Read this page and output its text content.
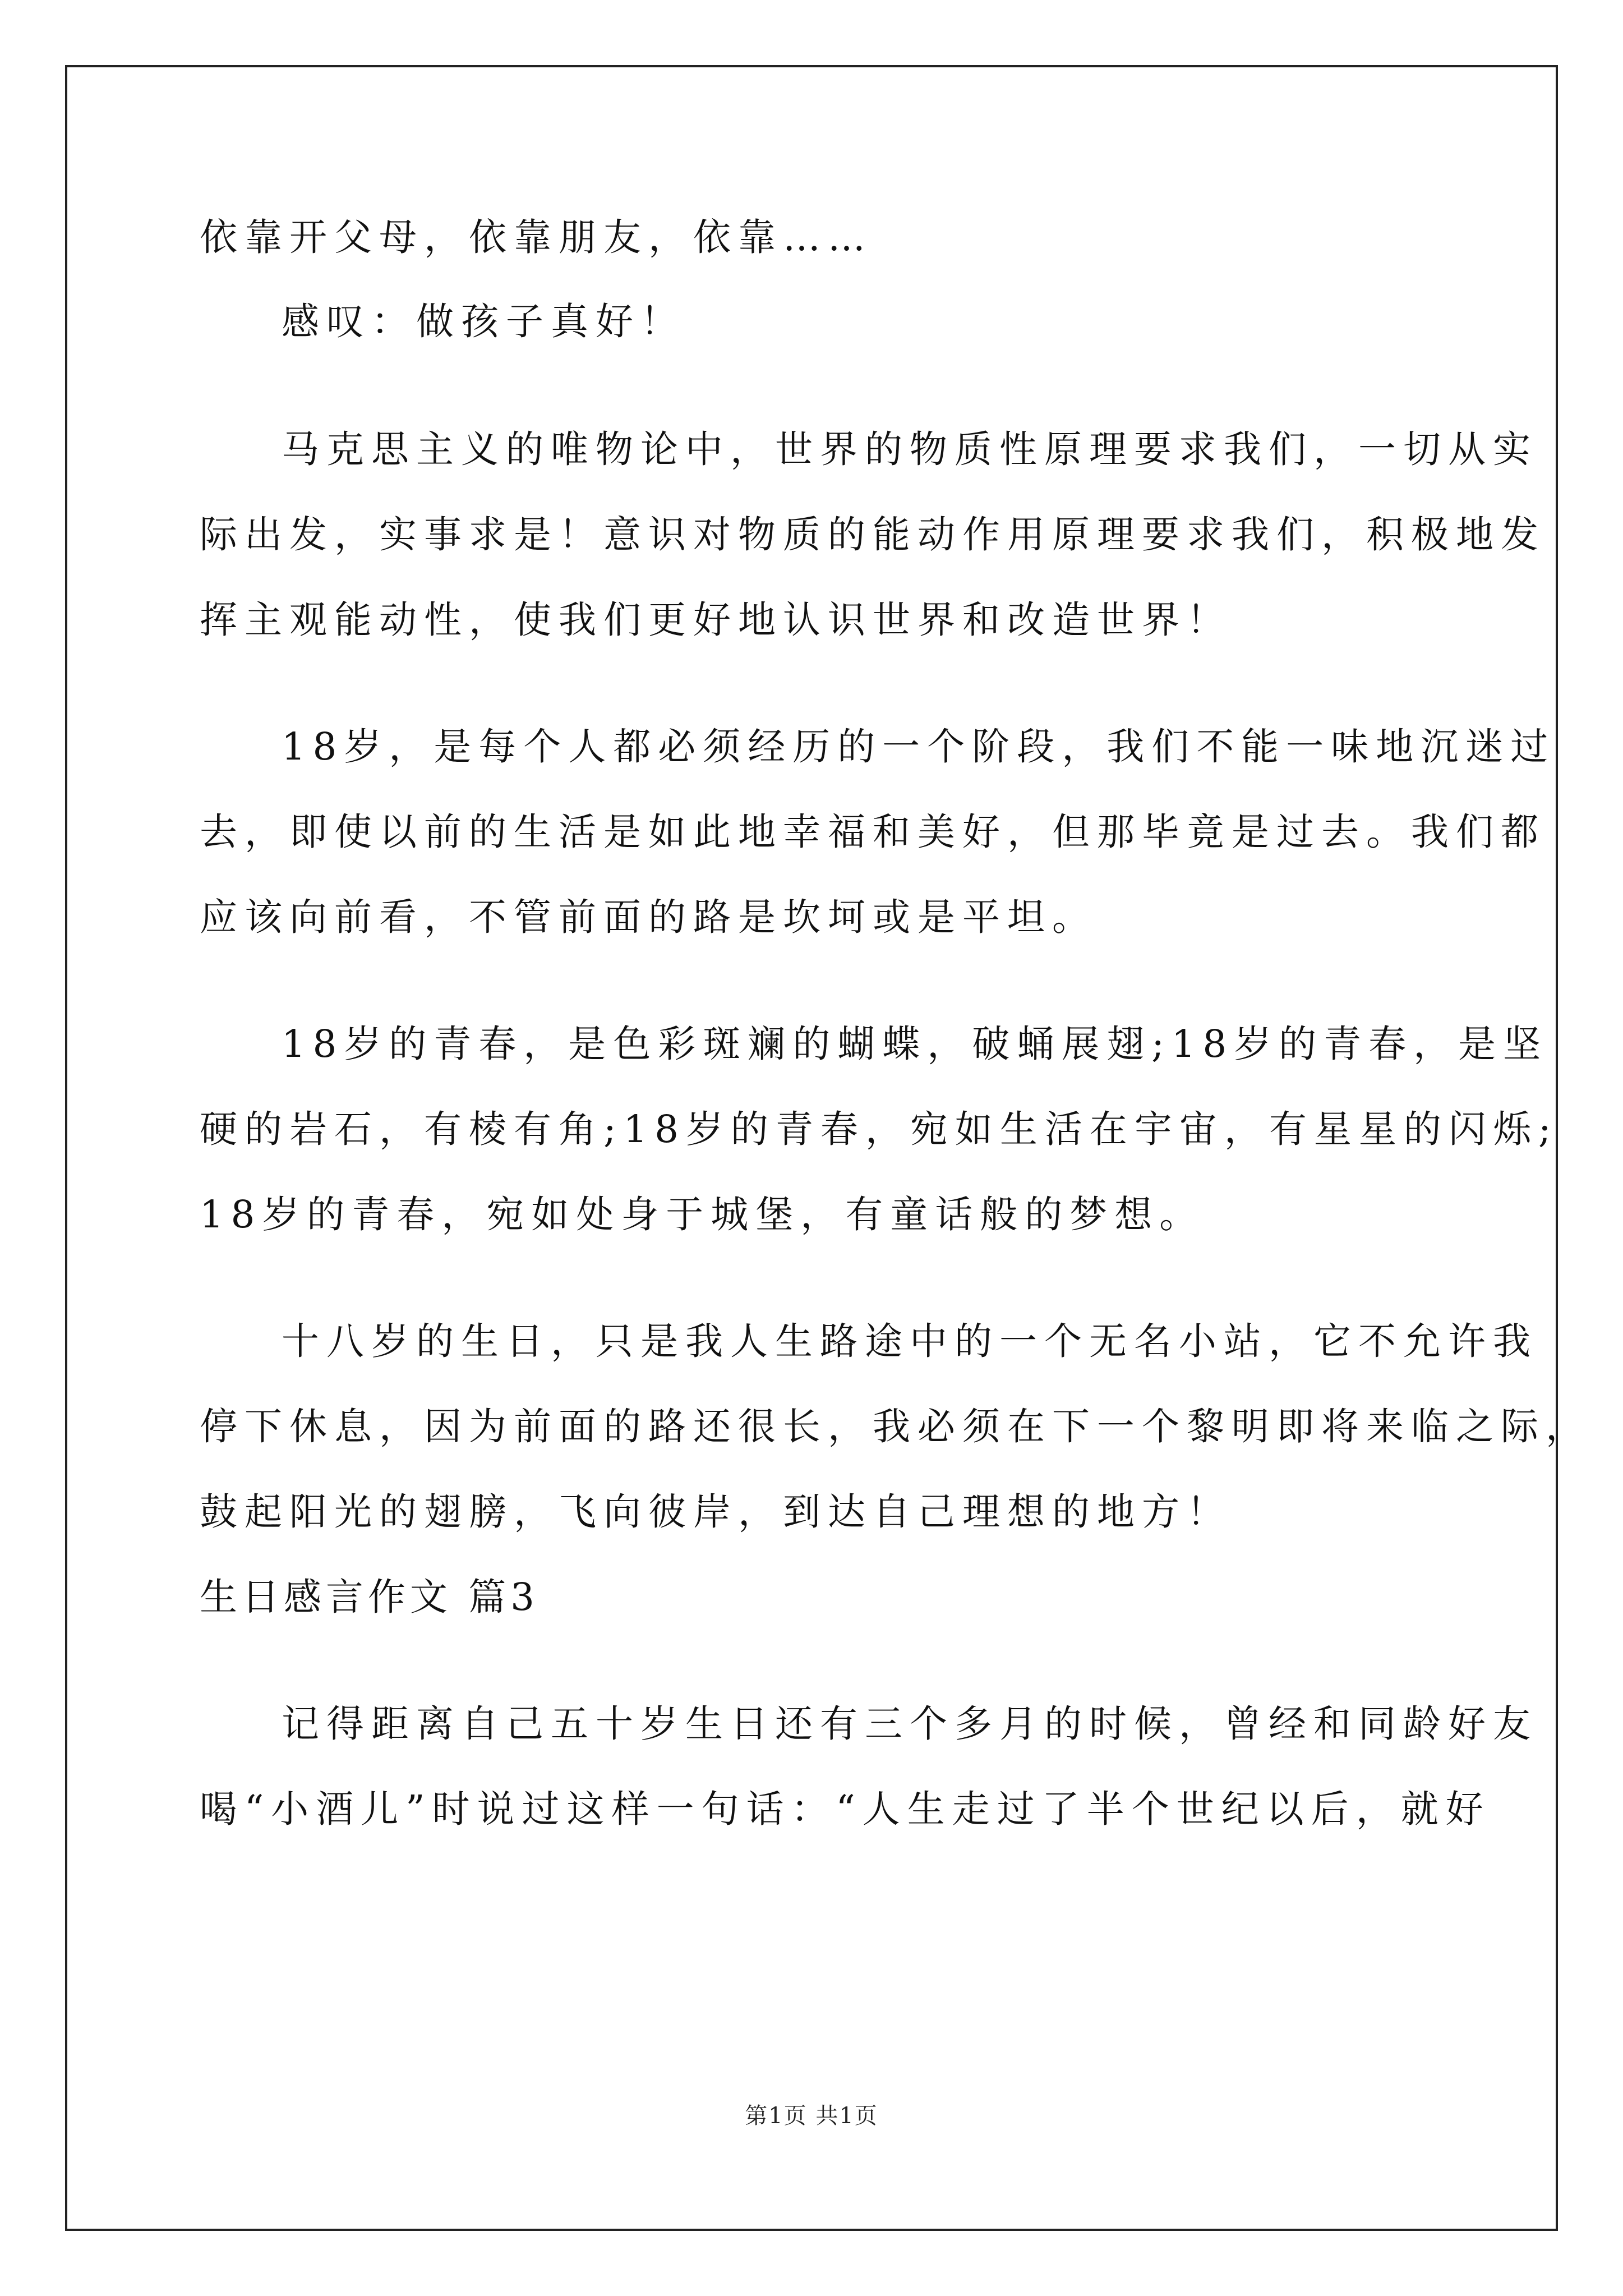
依靠开父母，依靠朋友，依靠……
感叹：做孩子真好！
马克思主义的唯物论中，世界的物质性原理要求我们，一切从实
际出发，实事求是！意识对物质的能动作用原理要求我们，积极地发
挥主观能动性，使我们更好地认识世界和改造世界！
18岁，是每个人都必须经历的一个阶段，我们不能一味地沉迷过
去，即使以前的生活是如此地幸福和美好，但那毕竟是过去。我们都
应该向前看，不管前面的路是坎坷或是平坦。
18岁的青春，是色彩斑斓的蝴蝶，破蛹展翅;18岁的青春，是坚
硬的岩石，有棱有角;18岁的青春，宛如生活在宇宙，有星星的闪烁;
18岁的青春，宛如处身于城堡，有童话般的梦想。
十八岁的生日，只是我人生路途中的一个无名小站，它不允许我
停下休息，因为前面的路还很长，我必须在下一个黎明即将来临之际，
鼓起阳光的翅膀，飞向彼岸，到达自己理想的地方！
生日感言作文 篇3
记得距离自己五十岁生日还有三个多月的时候，曾经和同龄好友
喝“小酒儿”时说过这样一句话：“人生走过了半个世纪以后，就好
第1页 共1页
